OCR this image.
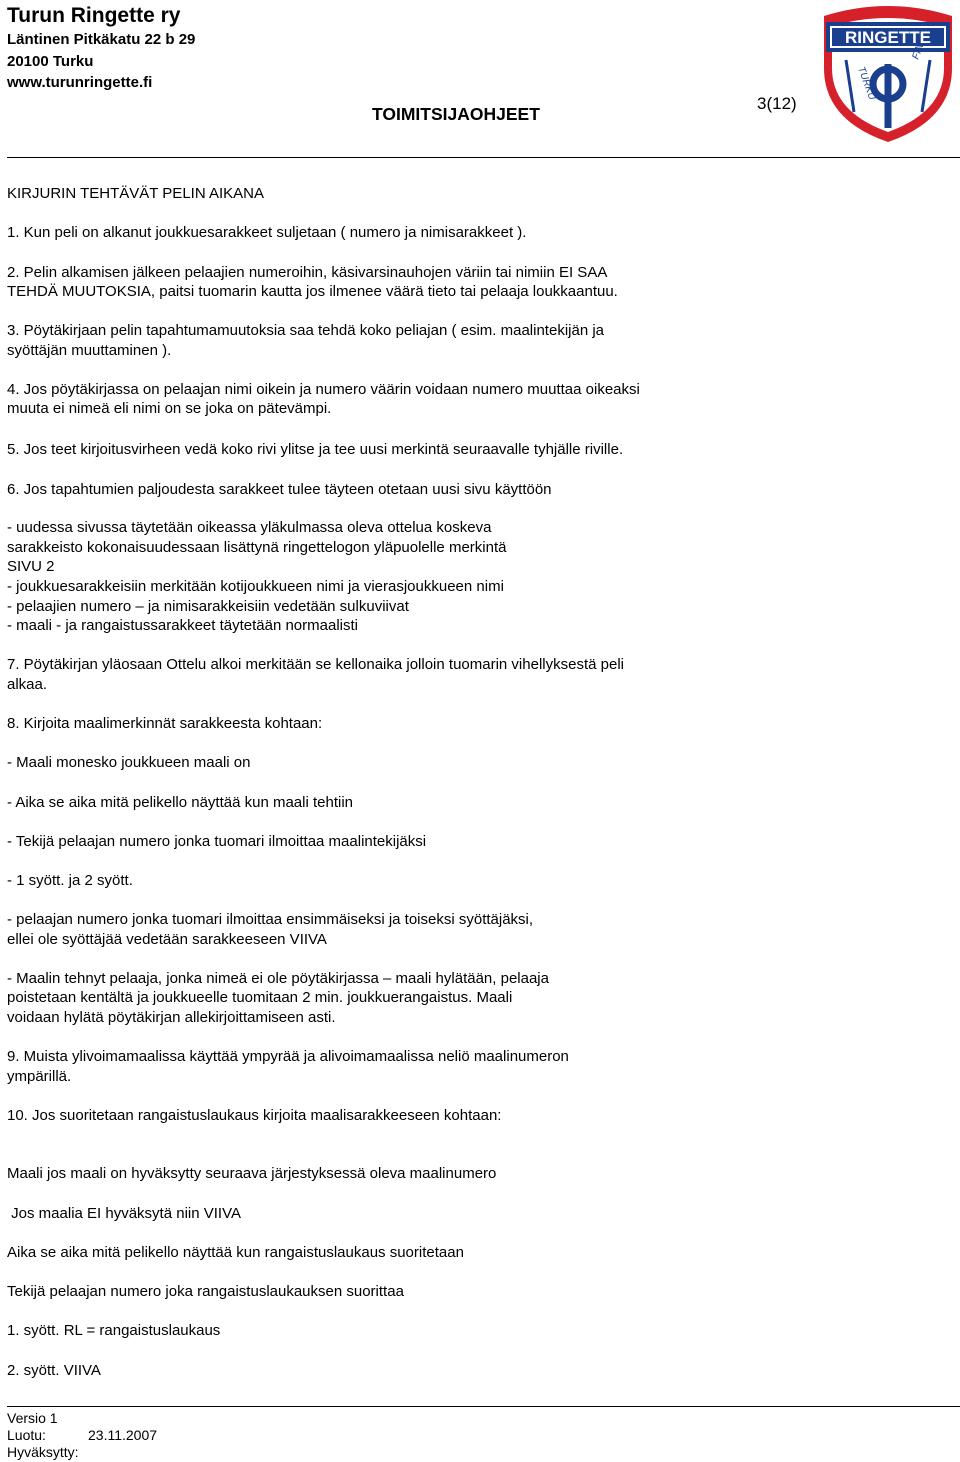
Turun Ringette ry
Läntinen Pitkäkatu 22 b 29
20100 Turku
www.turunringette.fi
TOIMITSIJAOHJEET
3(12)
RINGETTE
TURKU
FIN
KIRJURIN TEHTÄVÄT PELIN AIKANA
1. Kun peli on alkanut joukkuesarakkeet suljetaan ( numero ja nimisarakkeet ).
2. Pelin alkamisen jälkeen pelaajien numeroihin, käsivarsinauhojen väriin tai nimiin EI SAA
TEHDÄ MUUTOKSIA, paitsi tuomarin kautta jos ilmenee väärä tieto tai pelaaja loukkaantuu.
3. Pöytäkirjaan pelin tapahtumamuutoksia saa tehdä koko peliajan ( esim. maalintekijän ja
syöttäjän muuttaminen ).
4. Jos pöytäkirjassa on pelaajan nimi oikein ja numero väärin voidaan numero muuttaa oikeaksi
muuta ei nimeä eli nimi on se joka on pätevämpi.
5. Jos teet kirjoitusvirheen vedä koko rivi ylitse ja tee uusi merkintä seuraavalle tyhjälle riville.
6. Jos tapahtumien paljoudesta sarakkeet tulee täyteen otetaan uusi sivu käyttöön
- uudessa sivussa täytetään oikeassa yläkulmassa oleva ottelua koskeva
sarakkeisto kokonaisuudessaan lisättynä ringettelogon yläpuolelle merkintä
SIVU 2
- joukkuesarakkeisiin merkitään kotijoukkueen nimi ja vierasjoukkueen nimi
- pelaajien numero – ja nimisarakkeisiin vedetään sulkuviivat
- maali - ja rangaistussarakkeet täytetään normaalisti
7. Pöytäkirjan yläosaan Ottelu alkoi merkitään se kellonaika jolloin tuomarin vihellyksestä peli
alkaa.
8. Kirjoita maalimerkinnät sarakkeesta kohtaan:
- Maali monesko joukkueen maali on
- Aika se aika mitä pelikello näyttää kun maali tehtiin
- Tekijä pelaajan numero jonka tuomari ilmoittaa maalintekijäksi
- 1 syött. ja 2 syött.
- pelaajan numero jonka tuomari ilmoittaa ensimmäiseksi ja toiseksi syöttäjäksi,
ellei ole syöttäjää vedetään sarakkeeseen VIIVA
- Maalin tehnyt pelaaja, jonka nimeä ei ole pöytäkirjassa – maali hylätään, pelaaja
poistetaan kentältä ja joukkueelle tuomitaan 2 min. joukkuerangaistus. Maali
voidaan hylätä pöytäkirjan allekirjoittamiseen asti.
9. Muista ylivoimamaalissa käyttää ympyrää ja alivoimamaalissa neliö maalinumeron
ympärillä.
10. Jos suoritetaan rangaistuslaukaus kirjoita maalisarakkeeseen kohtaan:
Maali jos maali on hyväksytty seuraava järjestyksessä oleva maalinumero
Jos maalia EI hyväksytä niin VIIVA
Aika se aika mitä pelikello näyttää kun rangaistuslaukaus suoritetaan
Tekijä pelaajan numero joka rangaistuslaukauksen suorittaa
1. syött. RL = rangaistuslaukaus
2. syött. VIIVA
Versio 1
Luotu:	23.11.2007
Hyväksytty:
